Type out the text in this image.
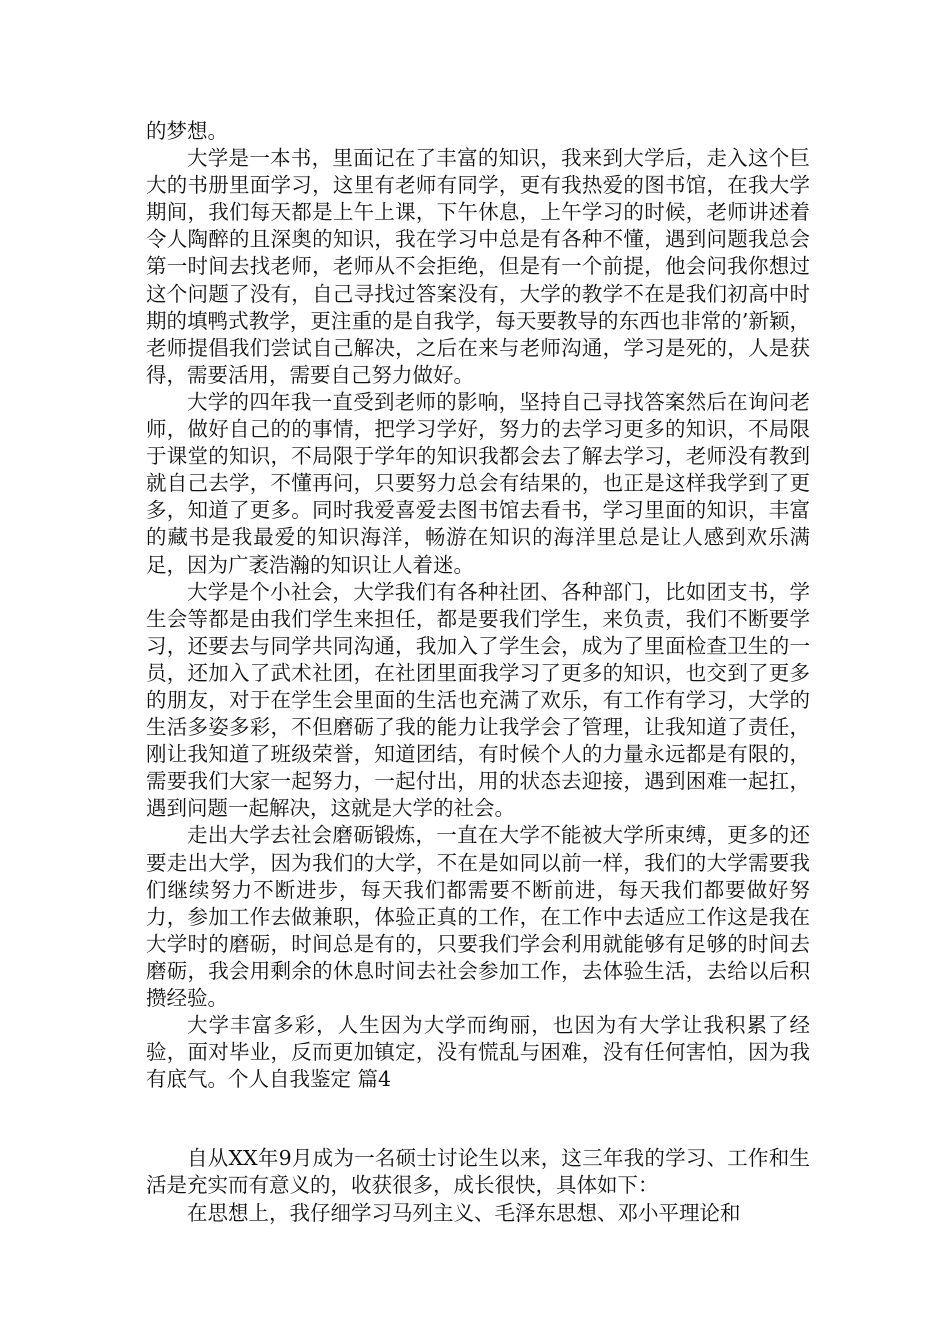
的梦想。

大学是一本书，里面记在了丰富的知识，我来到大学后，走入这个巨大的书册里面学习，这里有老师有同学，更有我热爱的图书馆，在我大学期间，我们每天都是上午上课，下午休息，上午学习的时候，老师讲述着令人陶醉的且深奥的知识，我在学习中总是有各种不懂，遇到问题我总会第一时间去找老师，老师从不会拒绝，但是有一个前提，他会问我你想过这个问题了没有，自己寻找过答案没有，大学的教学不在是我们初高中时期的填鸭式教学，更注重的是自我学，每天要教导的东西也非常的’新颖，老师提倡我们尝试自己解决，之后在来与老师沟通，学习是死的，人是获得，需要活用，需要自己努力做好。

大学的四年我一直受到老师的影响，坚持自己寻找答案然后在询问老师，做好自己的的事情，把学习学好，努力的去学习更多的知识，不局限于课堂的知识，不局限于学年的知识我都会去了解去学习，老师没有教到就自己去学，不懂再问，只要努力总会有结果的，也正是这样我学到了更多，知道了更多。同时我爱喜爱去图书馆去看书，学习里面的知识，丰富的藏书是我最爱的知识海洋，畅游在知识的海洋里总是让人感到欢乐满足，因为广袤浩瀚的知识让人着迷。

大学是个小社会，大学我们有各种社团、各种部门，比如团支书，学生会等都是由我们学生来担任，都是要我们学生，来负责，我们不断要学习，还要去与同学共同沟通，我加入了学生会，成为了里面检查卫生的一员，还加入了武术社团，在社团里面我学习了更多的知识，也交到了更多的朋友，对于在学生会里面的生活也充满了欢乐，有工作有学习，大学的生活多姿多彩，不但磨砺了我的能力让我学会了管理，让我知道了责任，刚让我知道了班级荣誉，知道团结，有时候个人的力量永远都是有限的，需要我们大家一起努力，一起付出，用的状态去迎接，遇到困难一起扛，遇到问题一起解决，这就是大学的社会。

走出大学去社会磨砺锻炼，一直在大学不能被大学所束缚，更多的还要走出大学，因为我们的大学，不在是如同以前一样，我们的大学需要我们继续努力不断进步，每天我们都需要不断前进，每天我们都要做好努力，参加工作去做兼职，体验正真的工作，在工作中去适应工作这是我在大学时的磨砺，时间总是有的，只要我们学会利用就能够有足够的时间去磨砺，我会用剩余的休息时间去社会参加工作，去体验生活，去给以后积攒经验。

大学丰富多彩，人生因为大学而绚丽，也因为有大学让我积累了经验，面对毕业，反而更加镇定，没有慌乱与困难，没有任何害怕，因为我有底气。个人自我鉴定 篇4

自从XX年9月成为一名硕士讨论生以来，这三年我的学习、工作和生活是充实而有意义的，收获很多，成长很快，具体如下：

在思想上，我仔细学习马列主义、毛泽东思想、邓小平理论和
